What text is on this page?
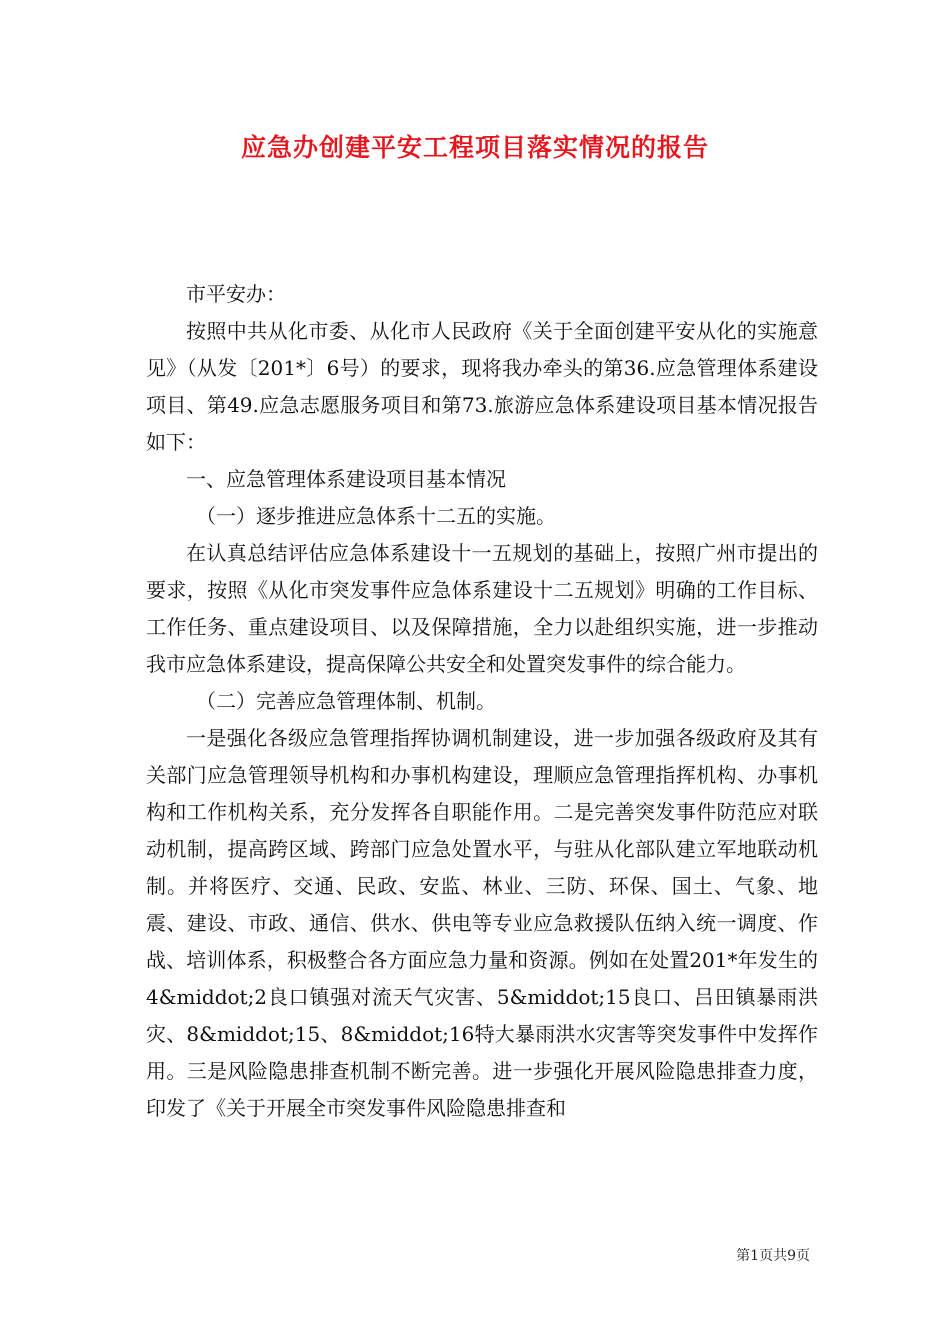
应急办创建平安工程项目落实情况的报告

市平安办：

按照中共从化市委、从化市人民政府《关于全面创建平安从化的实施意见》（从发〔201*〕6号）的要求，现将我办牵头的第36.应急管理体系建设项目、第49.应急志愿服务项目和第73.旅游应急体系建设项目基本情况报告如下：

一、应急管理体系建设项目基本情况

（一）逐步推进应急体系十二五的实施。

在认真总结评估应急体系建设十一五规划的基础上，按照广州市提出的要求，按照《从化市突发事件应急体系建设十二五规划》明确的工作目标、工作任务、重点建设项目、以及保障措施，全力以赴组织实施，进一步推动我市应急体系建设，提高保障公共安全和处置突发事件的综合能力。

（二）完善应急管理体制、机制。

一是强化各级应急管理指挥协调机制建设，进一步加强各级政府及其有关部门应急管理领导机构和办事机构建设，理顺应急管理指挥机构、办事机构和工作机构关系，充分发挥各自职能作用。二是完善突发事件防范应对联动机制，提高跨区域、跨部门应急处置水平，与驻从化部队建立军地联动机制。并将医疗、交通、民政、安监、林业、三防、环保、国土、气象、地震、建设、市政、通信、供水、供电等专业应急救援队伍纳入统一调度、作战、培训体系，积极整合各方面应急力量和资源。例如在处置201*年发生的4&middot;2良口镇强对流天气灾害、5&middot;15良口、吕田镇暴雨洪灾、8&middot;15、8&middot;16特大暴雨洪水灾害等突发事件中发挥作用。三是风险隐患排查机制不断完善。进一步强化开展风险隐患排查力度，印发了《关于开展全市突发事件风险隐患排查和

第1页共9页
